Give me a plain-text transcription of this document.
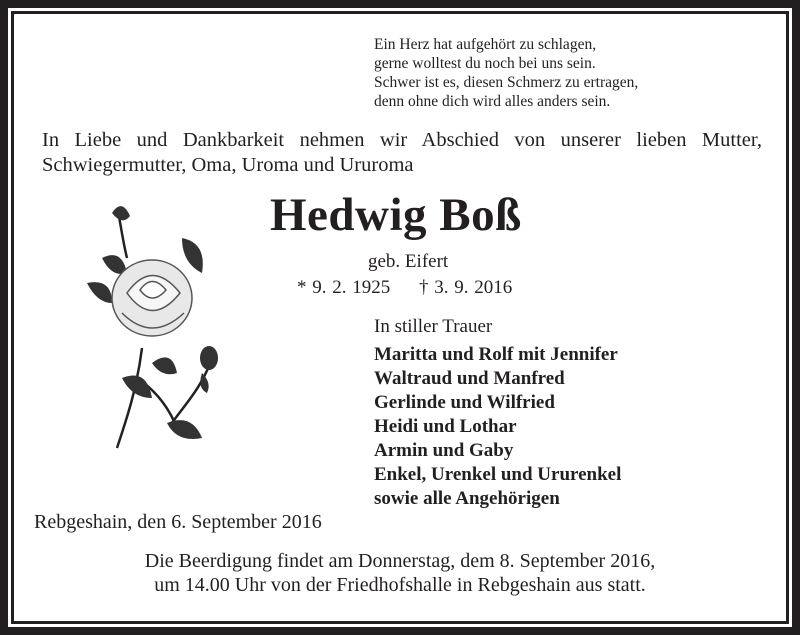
Ein Herz hat aufgehört zu schlagen,
gerne wolltest du noch bei uns sein.
Schwer ist es, diesen Schmerz zu ertragen,
denn ohne dich wird alles anders sein.
In Liebe und Dankbarkeit nehmen wir Abschied von unserer lieben Mutter,
Schwiegermutter, Oma, Uroma und Ururoma
Hedwig Boß
geb. Eifert
* 9. 2. 1925 † 3. 9. 2016
In stiller Trauer
Maritta und Rolf mit Jennifer
Waltraud und Manfred
Gerlinde und Wilfried
Heidi und Lothar
Armin und Gaby
Enkel, Urenkel und Ururenkel
sowie alle Angehörigen
Rebgeshain, den 6. September 2016
Die Beerdigung findet am Donnerstag, dem 8. September 2016,
um 14.00 Uhr von der Friedhofshalle in Rebgeshain aus statt.
